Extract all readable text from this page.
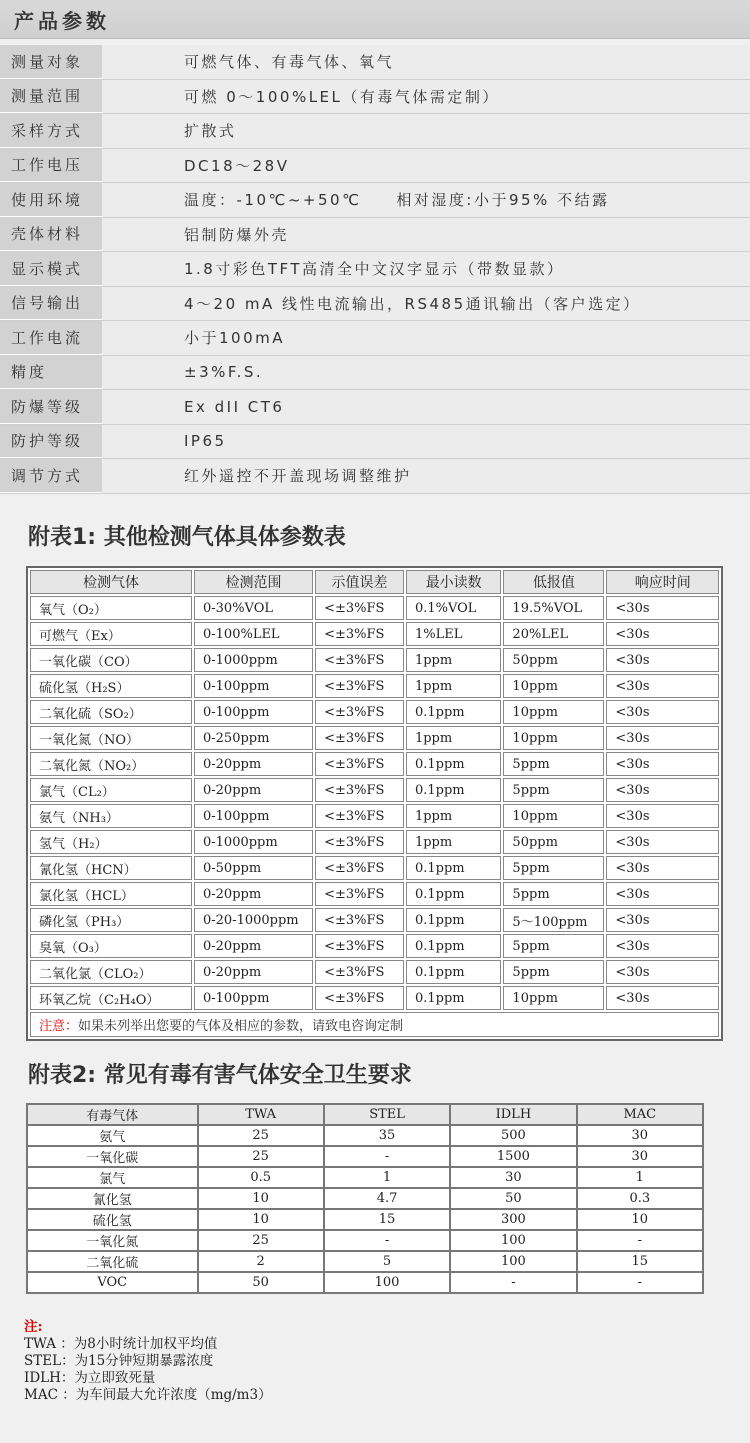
产品参数
测量对象	可燃气体、有毒气体、氧气
测量范围	可燃 0～100%LEL（有毒气体需定制）
采样方式	扩散式
工作电压	DC18～28V
使用环境	温度：-10℃~+50℃　　相对湿度:小于95% 不结露
壳体材料	铝制防爆外壳
显示模式	1.8寸彩色TFT高清全中文汉字显示（带数显款）
信号输出	4～20 mA 线性电流输出，RS485通讯输出（客户选定）
工作电流	小于100mA
精度	±3%F.S.
防爆等级	Ex dII CT6
防护等级	IP65
调节方式	红外遥控不开盖现场调整维护
附表1: 其他检测气体具体参数表
检测气体	检测范围	示值误差	最小读数	低报值	响应时间
氧气（O₂）	0-30%VOL	<±3%FS	0.1%VOL	19.5%VOL	<30s
可燃气（Ex）	0-100%LEL	<±3%FS	1%LEL	20%LEL	<30s
一氧化碳（CO）	0-1000ppm	<±3%FS	1ppm	50ppm	<30s
硫化氢（H₂S）	0-100ppm	<±3%FS	1ppm	10ppm	<30s
二氧化硫（SO₂）	0-100ppm	<±3%FS	0.1ppm	10ppm	<30s
一氧化氮（NO）	0-250ppm	<±3%FS	1ppm	10ppm	<30s
二氧化氮（NO₂）	0-20ppm	<±3%FS	0.1ppm	5ppm	<30s
氯气（CL₂）	0-20ppm	<±3%FS	0.1ppm	5ppm	<30s
氨气（NH₃）	0-100ppm	<±3%FS	1ppm	10ppm	<30s
氢气（H₂）	0-1000ppm	<±3%FS	1ppm	50ppm	<30s
氰化氢（HCN）	0-50ppm	<±3%FS	0.1ppm	5ppm	<30s
氯化氢（HCL）	0-20ppm	<±3%FS	0.1ppm	5ppm	<30s
磷化氢（PH₃）	0-20-1000ppm	<±3%FS	0.1ppm	5～100ppm	<30s
臭氧（O₃）	0-20ppm	<±3%FS	0.1ppm	5ppm	<30s
二氧化氯（CLO₂）	0-20ppm	<±3%FS	0.1ppm	5ppm	<30s
环氧乙烷（C₂H₄O）	0-100ppm	<±3%FS	0.1ppm	10ppm	<30s
注意：如果未列举出您要的气体及相应的参数，请致电咨询定制
附表2: 常见有毒有害气体安全卫生要求
有毒气体	TWA	STEL	IDLH	MAC
氨气	25	35	500	30
一氧化碳	25	-	1500	30
氯气	0.5	1	30	1
氰化氢	10	4.7	50	0.3
硫化氢	10	15	300	10
一氧化氮	25	-	100	-
二氧化硫	2	5	100	15
VOC	50	100	-	-
注:
TWA ：为8小时统计加权平均值
STEL：为15分钟短期暴露浓度
IDLH：为立即致死量
MAC ：为车间最大允许浓度（mg/m3）
